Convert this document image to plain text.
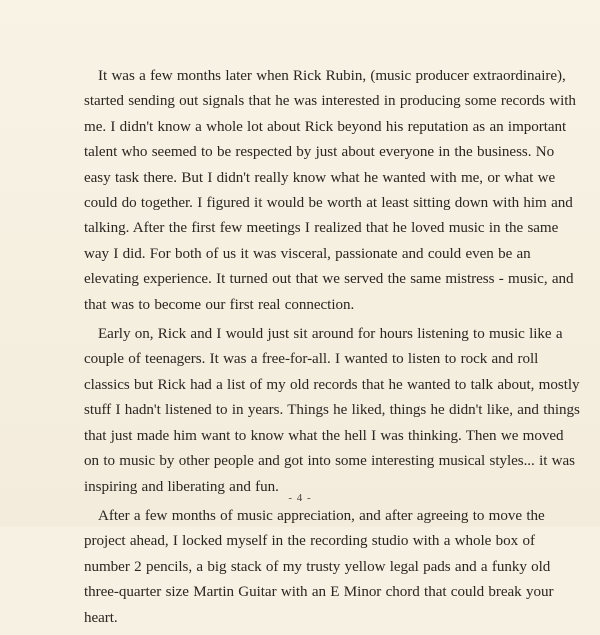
It was a few months later when Rick Rubin, (music producer extraordinaire), started sending out signals that he was interested in producing some records with me. I didn't know a whole lot about Rick beyond his reputation as an important talent who seemed to be respected by just about everyone in the business. No easy task there. But I didn't really know what he wanted with me, or what we could do together. I figured it would be worth at least sitting down with him and talking. After the first few meetings I realized that he loved music in the same way I did. For both of us it was visceral, passionate and could even be an elevating experience. It turned out that we served the same mistress - music, and that was to become our first real connection.

Early on, Rick and I would just sit around for hours listening to music like a couple of teenagers. It was a free-for-all. I wanted to listen to rock and roll classics but Rick had a list of my old records that he wanted to talk about, mostly stuff I hadn't listened to in years. Things he liked, things he didn't like, and things that just made him want to know what the hell I was thinking. Then we moved on to music by other people and got into some interesting musical styles... it was inspiring and liberating and fun.

After a few months of music appreciation, and after agreeing to move the project ahead, I locked myself in the recording studio with a whole box of number 2 pencils, a big stack of my trusty yellow legal pads and a funky old three-quarter size Martin Guitar with an E Minor chord that could break your heart.

- 4 -
